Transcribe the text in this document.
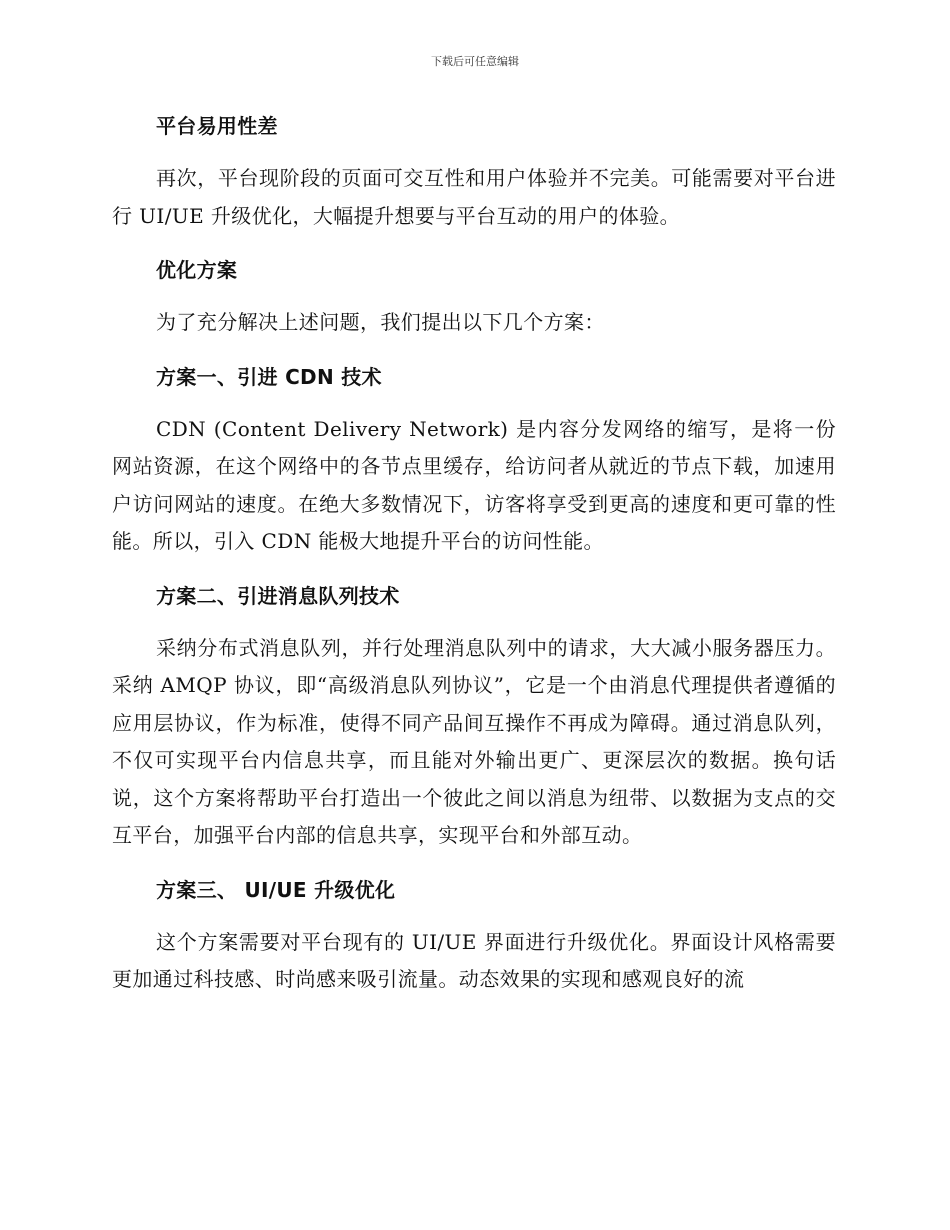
下载后可任意编辑
平台易用性差

再次，平台现阶段的页面可交互性和用户体验并不完美。可能需要对平台进行 UI/UE 升级优化，大幅提升想要与平台互动的用户的体验。

优化方案

为了充分解决上述问题，我们提出以下几个方案：

方案一、引进 CDN 技术

CDN (Content Delivery Network) 是内容分发网络的缩写，是将一份网站资源，在这个网络中的各节点里缓存，给访问者从就近的节点下载，加速用户访问网站的速度。在绝大多数情况下，访客将享受到更高的速度和更可靠的性能。所以，引入 CDN 能极大地提升平台的访问性能。

方案二、引进消息队列技术

采纳分布式消息队列，并行处理消息队列中的请求，大大减小服务器压力。采纳 AMQP 协议，即“高级消息队列协议”，它是一个由消息代理提供者遵循的应用层协议，作为标准，使得不同产品间互操作不再成为障碍。通过消息队列，不仅可实现平台内信息共享，而且能对外输出更广、更深层次的数据。换句话说，这个方案将帮助平台打造出一个彼此之间以消息为纽带、以数据为支点的交互平台，加强平台内部的信息共享，实现平台和外部互动。

方案三、 UI/UE 升级优化

这个方案需要对平台现有的 UI/UE 界面进行升级优化。界面设计风格需要更加通过科技感、时尚感来吸引流量。动态效果的实现和感观良好的流
